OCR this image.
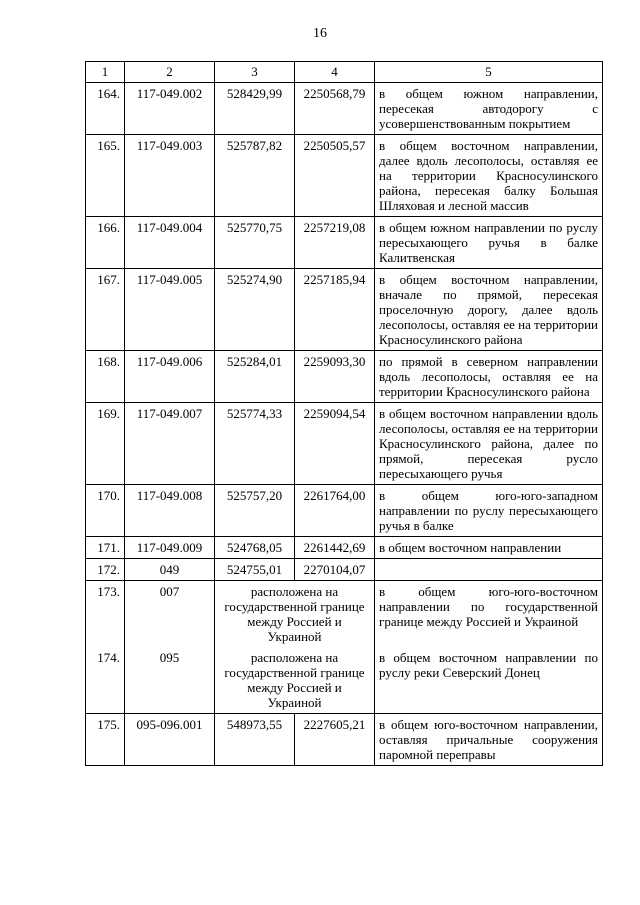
16
1	2	3	4	5
164.	117-049.002	528429,99	2250568,79	в общем южном направлении, пересекая автодорогу с усовершенствованным покрытием
165.	117-049.003	525787,82	2250505,57	в общем восточном направлении, далее вдоль лесополосы, оставляя ее на территории Красносулинского района, пересекая балку Большая Шляховая и лесной массив
166.	117-049.004	525770,75	2257219,08	в общем южном направлении по руслу пересыхающего ручья в балке Калитвенская
167.	117-049.005	525274,90	2257185,94	в общем восточном направлении, вначале по прямой, пересекая проселочную дорогу, далее вдоль лесополосы, оставляя ее на территории Красносулинского района
168.	117-049.006	525284,01	2259093,30	по прямой в северном направлении вдоль лесополосы, оставляя ее на территории Красносулинского района
169.	117-049.007	525774,33	2259094,54	в общем восточном направлении вдоль лесополосы, оставляя ее на территории Красносулинского района, далее по прямой, пересекая русло пересыхающего ручья
170.	117-049.008	525757,20	2261764,00	в общем юго-юго-западном направлении по руслу пересыхающего ручья в балке
171.	117-049.009	524768,05	2261442,69	в общем восточном направлении
172.	049	524755,01	2270104,07	
173.	007	расположена на государственной границе между Россией и Украиной		в общем юго-юго-восточном направлении по государственной границе между Россией и Украиной
174.	095	расположена на государственной границе между Россией и Украиной		в общем восточном направлении по руслу реки Северский Донец
175.	095-096.001	548973,55	2227605,21	в общем юго-восточном направлении, оставляя причальные сооружения паромной переправы
